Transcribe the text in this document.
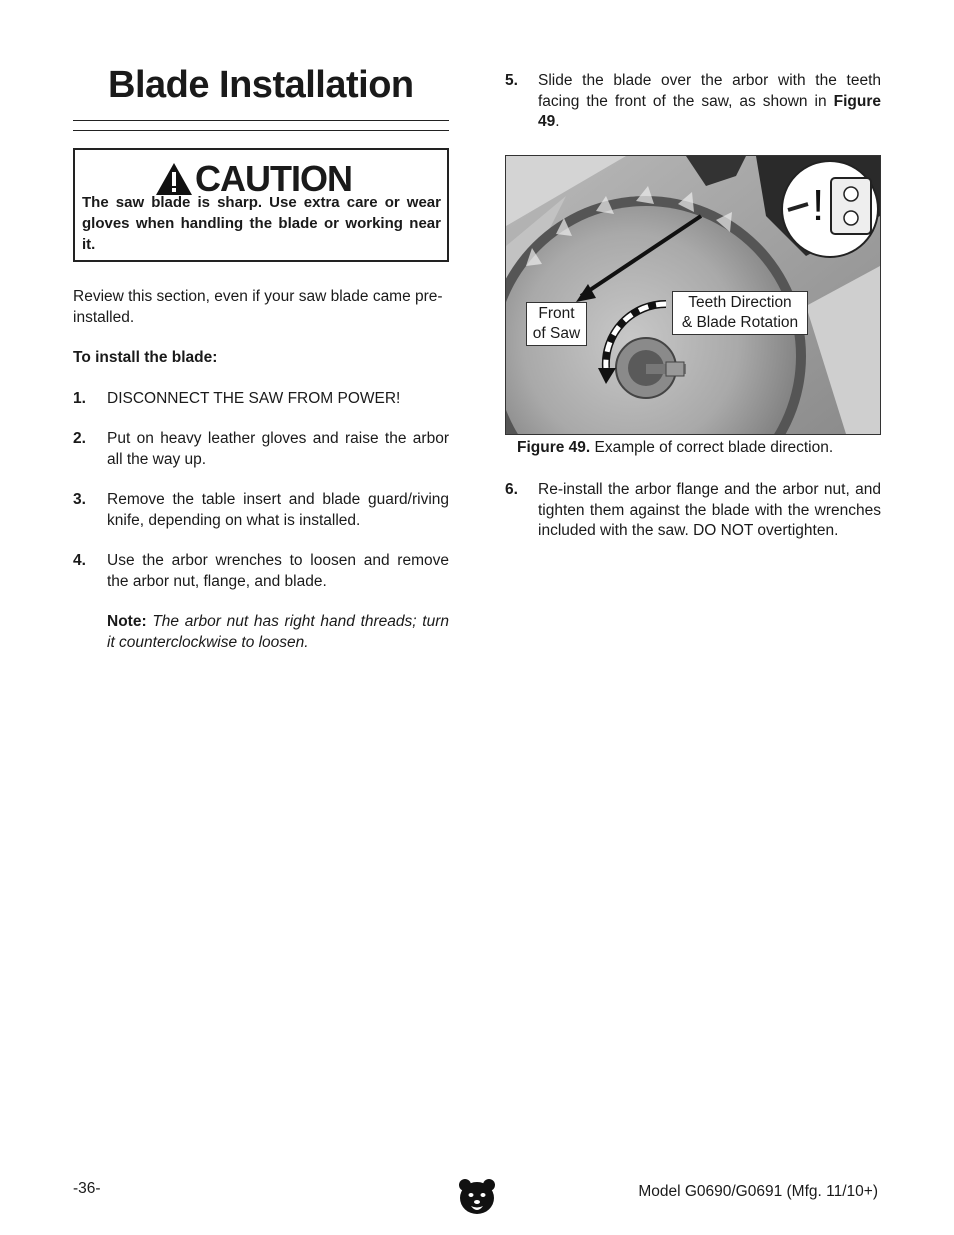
Blade Installation
CAUTION
The saw blade is sharp. Use extra care or wear gloves when handling the blade or working near it.
Review this section, even if your saw blade came pre-installed.
To install the blade:
1. DISCONNECT THE SAW FROM POWER!
2. Put on heavy leather gloves and raise the arbor all the way up.
3. Remove the table insert and blade guard/riving knife, depending on what is installed.
4. Use the arbor wrenches to loosen and remove the arbor nut, flange, and blade.
Note: The arbor nut has right hand threads; turn it counterclockwise to loosen.
5. Slide the blade over the arbor with the teeth facing the front of the saw, as shown in Figure 49.
!
Front
of Saw
Teeth Direction
& Blade Rotation
Figure 49. Example of correct blade direction.
6. Re-install the arbor flange and the arbor nut, and tighten them against the blade with the wrenches included with the saw. DO NOT overtighten.
-36-	Model G0690/G0691 (Mfg. 11/10+)
